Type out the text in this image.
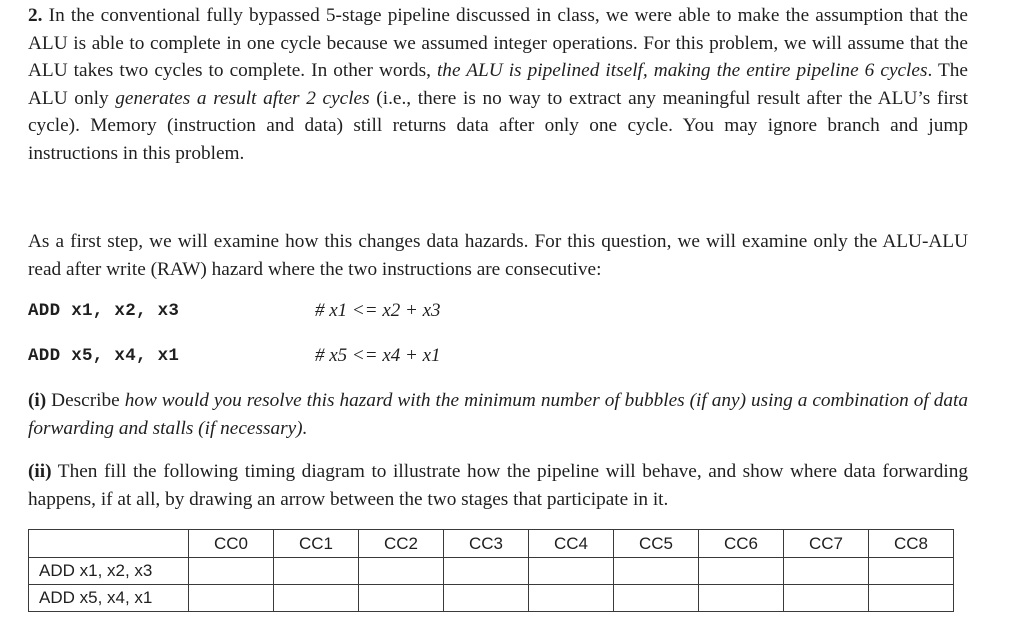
2. In the conventional fully bypassed 5-stage pipeline discussed in class, we were able to make the assumption that the ALU is able to complete in one cycle because we assumed integer operations. For this problem, we will assume that the ALU takes two cycles to complete. In other words, the ALU is pipelined itself, making the entire pipeline 6 cycles. The ALU only generates a result after 2 cycles (i.e., there is no way to extract any meaningful result after the ALU’s first cycle). Memory (instruction and data) still returns data after only one cycle. You may ignore branch and jump instructions in this problem.
As a first step, we will examine how this changes data hazards. For this question, we will examine only the ALU-ALU read after write (RAW) hazard where the two instructions are consecutive:
ADD x1, x2, x3	# x1 <= x2 + x3
ADD x5, x4, x1	# x5 <= x4 + x1
(i) Describe how would you resolve this hazard with the minimum number of bubbles (if any) using a combination of data forwarding and stalls (if necessary).
(ii) Then fill the following timing diagram to illustrate how the pipeline will behave, and show where data forwarding happens, if at all, by drawing an arrow between the two stages that participate in it.
	CC0	CC1	CC2	CC3	CC4	CC5	CC6	CC7	CC8
ADD x1, x2, x3									
ADD x5, x4, x1									
